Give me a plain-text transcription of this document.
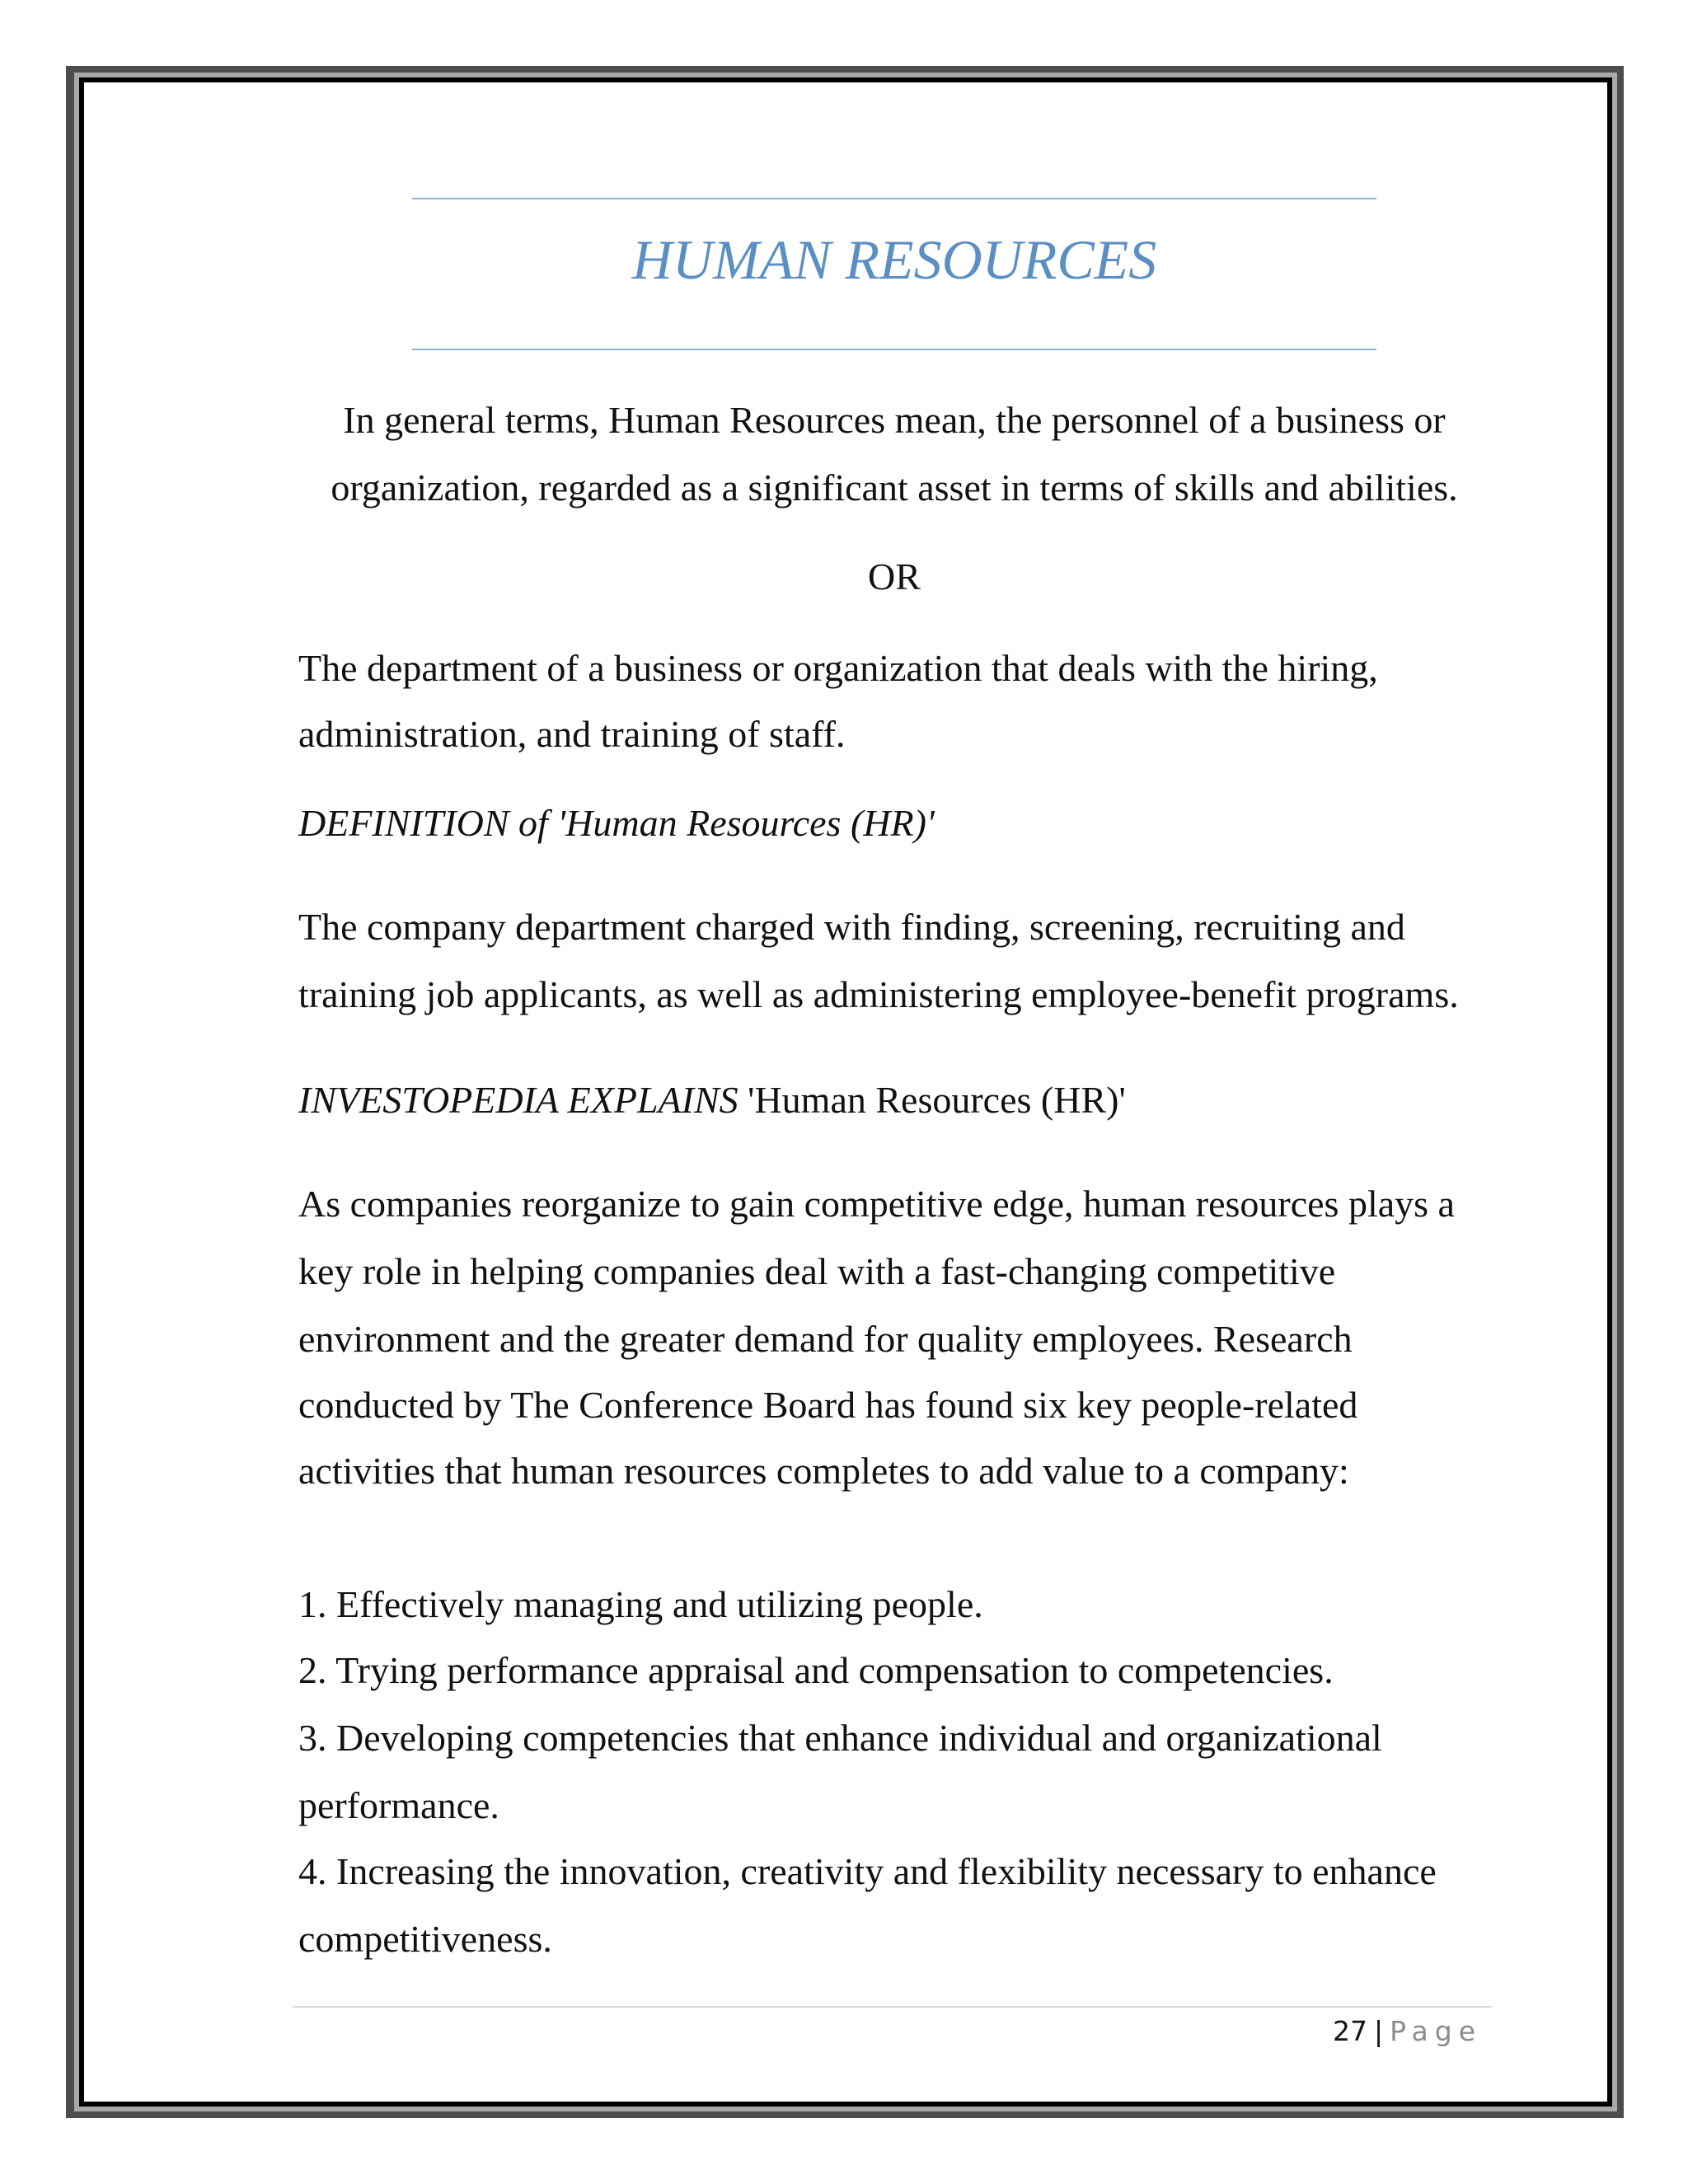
HUMAN RESOURCES
In general terms, Human Resources mean, the personnel of a business or
organization, regarded as a significant asset in terms of skills and abilities.
OR
The department of a business or organization that deals with the hiring,
administration, and training of staff.
DEFINITION of 'Human Resources (HR)'
The company department charged with finding, screening, recruiting and
training job applicants, as well as administering employee-benefit programs.
INVESTOPEDIA EXPLAINS 'Human Resources (HR)'
As companies reorganize to gain competitive edge, human resources plays a
key role in helping companies deal with a fast-changing competitive
environment and the greater demand for quality employees. Research
conducted by The Conference Board has found six key people-related
activities that human resources completes to add value to a company:
1. Effectively managing and utilizing people.
2. Trying performance appraisal and compensation to competencies.
3. Developing competencies that enhance individual and organizational
performance.
4. Increasing the innovation, creativity and flexibility necessary to enhance
competitiveness.
27 | Page
